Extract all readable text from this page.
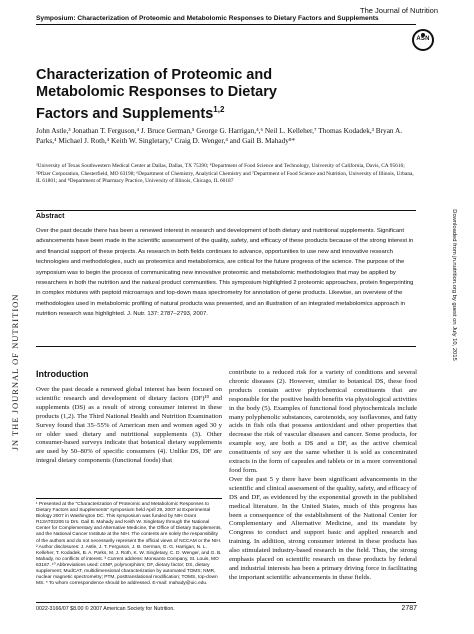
The Journal of Nutrition
Symposium: Characterization of Proteomic and Metabolomic Responses to Dietary Factors and Supplements
ASN
Characterization of Proteomic and Metabolomic Responses to Dietary Factors and Supplements$^{1,2}$
John Astle,³ Jonathan T. Ferguson,⁴ J. Bruce German,⁵ George G. Harrigan,⁴,⁶ Neil L. Kelleher,⁷ Thomas Kodadek,³ Bryan A. Parks,⁴ Michael J. Roth,⁴ Keith W. Singletary,⁷ Craig D. Wenger,⁴ and Gail B. Mahady⁸*
³University of Texas Southwestern Medical Center at Dallas, Dallas, TX 75390; ⁴Department of Food Science and Technology, University of California, Davis, CA 95616; ⁵Pfizer Corporation, Chesterfield, MO 63198; ⁶Department of Chemistry, Analytical Chemistry and ⁷Department of Food Science and Nutrition, University of Illinois, Urbana, IL 61801; and ⁸Department of Pharmacy Practice, University of Illinois, Chicago, IL 60187
Abstract
Over the past decade there has been a renewed interest in research and development of both dietary and nutritional supplements. Significant advancements have been made in the scientific assessment of the quality, safety, and efficacy of these products because of the strong interest in and financial support of these projects. As research in both fields continues to advance, opportunities to use new and innovative research technologies and methodologies, such as proteomics and metabolomics, are critical for the future progress of the science. The purpose of the symposium was to begin the process of communicating new innovative proteomic and metabolomic methodologies that may be applied by researchers in both the nutrition and the natural product communities. This symposium highlighted 2 proteomic approaches, protein fingerprinting in complex mixtures with peptoid microarrays and top-down mass spectrometry for annotation of gene products. Likewise, an overview of the methodologies used in metabolomic profiling of natural products was presented, and an illustration of an integrated metabolomics approach in nutrition research was highlighted. J. Nutr. 137: 2787–2793, 2007.
Introduction
Over the past decade a renewed global interest has been focused on scientific research and development of dietary factors (DF)¹⁰ and supplements (DS) as a result of strong consumer interest in these products (1,2). The Third National Health and Nutrition Examination Survey found that 35–55% of American men and women aged 30 y or older used dietary and nutritional supplements (3). Other consumer-based surveys indicate that botanical dietary supplements are used by 50–80% of specific consumers (4). Unlike DS, DF are integral dietary components (functional foods) that
¹ Presented at the "Characterization of Proteomic and Metabolomic Responses to Dietary Factors and Supplements" symposium held April 29, 2007 at Experimental Biology 2007 in Washington DC. This symposium was funded by NIH Grant R13AT02206 to Drs. Gail B. Mahady and Keith W. Singletary through the National Center for Complementary and Alternative Medicine, the Office of Dietary Supplements, and the National Cancer Institute at the NIH. The contents are solely the responsibility of the authors and do not necessarily represent the official views of NCCAM or the NIH. ² Author disclosures: J. Astle, J. T. Ferguson, J. B. German, G. G. Harrigan, N. L. Kelleher, T. Kodadek, B. A. Parks, M. J. Roth, K. W. Singletary, C. D. Wenger, and G. B. Mahady, no conflicts of interest. ³ Current address: Monsanto Company, St. Louis, MO 63167. ¹⁰ Abbreviations used: cSNP, polymorphism; DF, dietary factor; DS, dietary supplement; MudCAT, multidimensional characterization by automated TOMS; NMR, nuclear magnetic spectrometry; PTM, posttranslational modification; TOMS, top-down MS. * To whom correspondence should be addressed. E-mail: mahady@uic.edu.
contribute to a reduced risk for a variety of conditions and several chronic diseases (2). However, similar to botanical DS, these food products contain active phytochemical constituents that are responsible for the positive health benefits via physiological activities in the body (5). Examples of functional food phytochemicals include many polyphenolic substances, carotenoids, soy isoflavones, and fatty acids in fish oils that possess antioxidant and other properties that decrease the risk of vascular diseases and cancer. Some products, for example soy, are both a DS and a DF, as the active chemical constituents of soy are the same whether it is sold as concentrated extracts in the form of capsules and tablets or in a more conventional food form.
Over the past 5 y there have been significant advancements in the scientific and clinical assessment of the quality, safety, and efficacy of DS and DF, as evidenced by the exponential growth in the published medical literature. In the United States, much of this progress has been a consequence of the establishment of the National Center for Complementary and Alternative Medicine, and its mandate by Congress to conduct and support basic and applied research and training. In addition, strong consumer interest in these products has also stimulated industry-based research in the field. Thus, the strong emphasis placed on scientific research on these products by federal and industrial interests has been a primary driving force in facilitating the important scientific advancements in these fields.
JN THE JOURNAL OF NUTRITION
Downloaded from jn.nutrition.org by guest on July 10, 2015
0022-3166/07 $8.00 © 2007 American Society for Nutrition.	2787
